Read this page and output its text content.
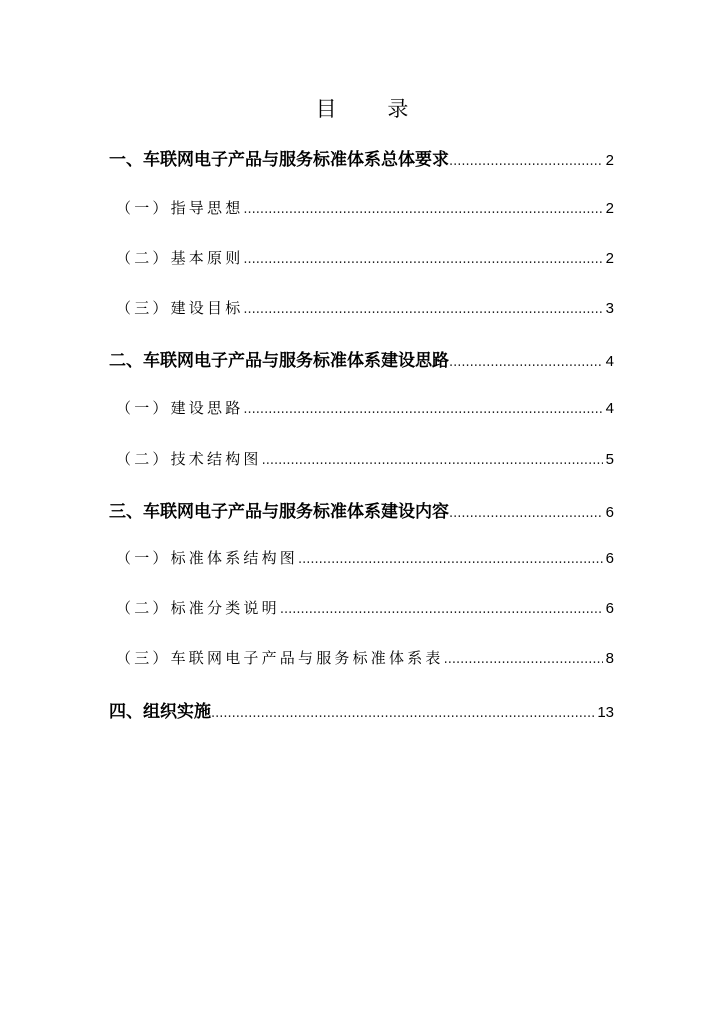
目 录
一、车联网电子产品与服务标准体系总体要求 .....	2
（一）指导思想 .....	2
（二）基本原则 .....	2
（三）建设目标 .....	3
二、车联网电子产品与服务标准体系建设思路 .....	4
（一）建设思路 .....	4
（二）技术结构图 .....	5
三、车联网电子产品与服务标准体系建设内容 .....	6
（一）标准体系结构图 .....	6
（二）标准分类说明 .....	6
（三）车联网电子产品与服务标准体系表 .....	8
四、组织实施 .....	13
